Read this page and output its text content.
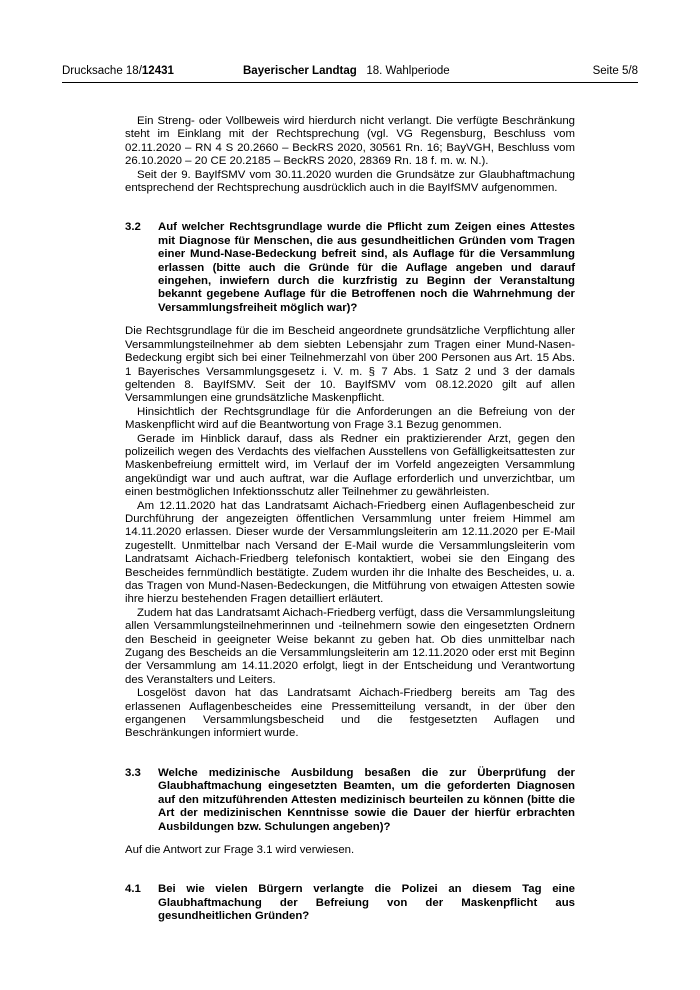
Drucksache 18/12431	Bayerischer Landtag 18. Wahlperiode	Seite 5/8

Ein Streng- oder Vollbeweis wird hierdurch nicht verlangt. Die verfügte Beschränkung steht im Einklang mit der Rechtsprechung (vgl. VG Regensburg, Beschluss vom 02.11.2020 – RN 4 S 20.2660 – BeckRS 2020, 30561 Rn. 16; BayVGH, Beschluss vom 26.10.2020 – 20 CE 20.2185 – BeckRS 2020, 28369 Rn. 18 f. m. w. N.).

Seit der 9. BayIfSMV vom 30.11.2020 wurden die Grundsätze zur Glaubhaftmachung entsprechend der Rechtsprechung ausdrücklich auch in die BayIfSMV aufgenommen.

3.2	Auf welcher Rechtsgrundlage wurde die Pflicht zum Zeigen eines Attestes mit Diagnose für Menschen, die aus gesundheitlichen Gründen vom Tragen einer Mund-Nase-Bedeckung befreit sind, als Auflage für die Versammlung erlassen (bitte auch die Gründe für die Auflage angeben und darauf eingehen, inwiefern durch die kurzfristig zu Beginn der Veranstaltung bekannt gegebene Auflage für die Betroffenen noch die Wahrnehmung der Versammlungsfreiheit möglich war)?

Die Rechtsgrundlage für die im Bescheid angeordnete grundsätzliche Verpflichtung aller Versammlungsteilnehmer ab dem siebten Lebensjahr zum Tragen einer Mund-Nasen-Bedeckung ergibt sich bei einer Teilnehmerzahl von über 200 Personen aus Art. 15 Abs. 1 Bayerisches Versammlungsgesetz i. V. m. § 7 Abs. 1 Satz 2 und 3 der damals geltenden 8. BayIfSMV. Seit der 10. BayIfSMV vom 08.12.2020 gilt auf allen Versammlungen eine grundsätzliche Maskenpflicht.

Hinsichtlich der Rechtsgrundlage für die Anforderungen an die Befreiung von der Maskenpflicht wird auf die Beantwortung von Frage 3.1 Bezug genommen.

Gerade im Hinblick darauf, dass als Redner ein praktizierender Arzt, gegen den polizeilich wegen des Verdachts des vielfachen Ausstellens von Gefälligkeitsattesten zur Maskenbefreiung ermittelt wird, im Verlauf der im Vorfeld angezeigten Versammlung angekündigt war und auch auftrat, war die Auflage erforderlich und unverzichtbar, um einen bestmöglichen Infektionsschutz aller Teilnehmer zu gewährleisten.

Am 12.11.2020 hat das Landratsamt Aichach-Friedberg einen Auflagenbescheid zur Durchführung der angezeigten öffentlichen Versammlung unter freiem Himmel am 14.11.2020 erlassen. Dieser wurde der Versammlungsleiterin am 12.11.2020 per E-Mail zugestellt. Unmittelbar nach Versand der E-Mail wurde die Versammlungsleiterin vom Landratsamt Aichach-Friedberg telefonisch kontaktiert, wobei sie den Eingang des Bescheides fernmündlich bestätigte. Zudem wurden ihr die Inhalte des Bescheides, u. a. das Tragen von Mund-Nasen-Bedeckungen, die Mitführung von etwaigen Attesten sowie ihre hierzu bestehenden Fragen detailliert erläutert.

Zudem hat das Landratsamt Aichach-Friedberg verfügt, dass die Versammlungsleitung allen Versammlungsteilnehmerinnen und -teilnehmern sowie den eingesetzten Ordnern den Bescheid in geeigneter Weise bekannt zu geben hat. Ob dies unmittelbar nach Zugang des Bescheids an die Versammlungsleiterin am 12.11.2020 oder erst mit Beginn der Versammlung am 14.11.2020 erfolgt, liegt in der Entscheidung und Verantwortung des Veranstalters und Leiters.

Losgelöst davon hat das Landratsamt Aichach-Friedberg bereits am Tag des erlassenen Auflagenbescheides eine Pressemitteilung versandt, in der über den ergangenen Versammlungsbescheid und die festgesetzten Auflagen und Beschränkungen informiert wurde.

3.3	Welche medizinische Ausbildung besaßen die zur Überprüfung der Glaubhaftmachung eingesetzten Beamten, um die geforderten Diagnosen auf den mitzuführenden Attesten medizinisch beurteilen zu können (bitte die Art der medizinischen Kenntnisse sowie die Dauer der hierfür erbrachten Ausbildungen bzw. Schulungen angeben)?

Auf die Antwort zur Frage 3.1 wird verwiesen.

4.1	Bei wie vielen Bürgern verlangte die Polizei an diesem Tag eine Glaubhaftmachung der Befreiung von der Maskenpflicht aus gesundheitlichen Gründen?
